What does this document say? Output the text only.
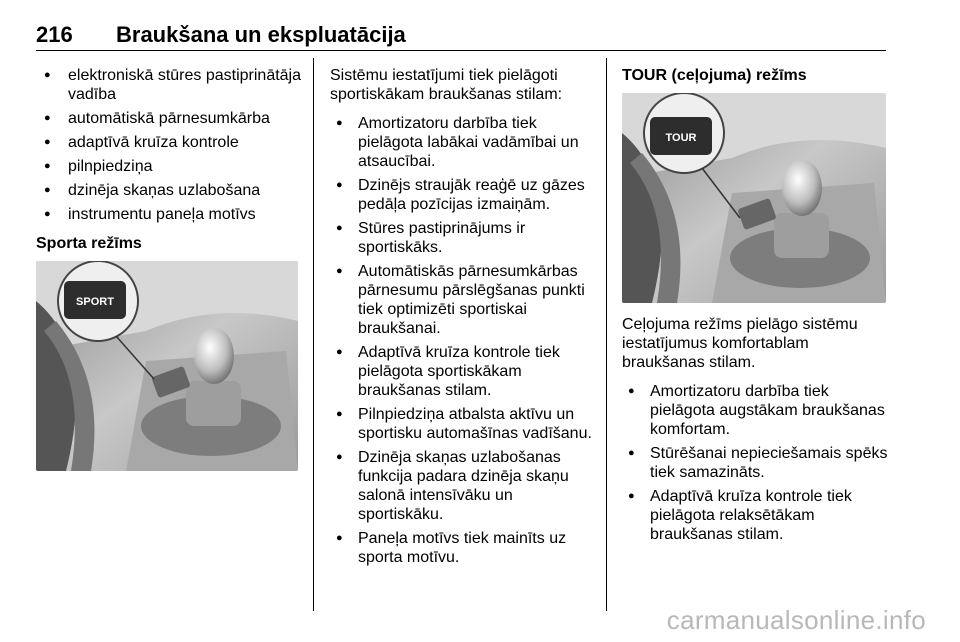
216 Braukšana un ekspluatācija
● elektroniskā stūres pastiprinātāja vadība
● automātiskā pārnesumkārba
● adaptīvā kruīza kontrole
● pilnpiedziņa
● dzinēja skaņas uzlabošana
● instrumentu paneļa motīvs
Sporta režīms
SPORT

Sistēmu iestatījumi tiek pielāgoti sportiskākam braukšanas stilam:

● Amortizatoru darbība tiek pielāgota labākai vadāmībai un atsaucībai.
● Dzinējs straujāk reaģē uz gāzes pedāļa pozīcijas izmaiņām.
● Stūres pastiprinājums ir sportiskāks.
● Automātiskās pārnesumkārbas pārnesumu pārslēgšanas punkti tiek optimizēti sportiskai braukšanai.
● Adaptīvā kruīza kontrole tiek pielāgota sportiskākam braukšanas stilam.
● Pilnpiedziņa atbalsta aktīvu un sportisku automašīnas vadīšanu.
● Dzinēja skaņas uzlabošanas funkcija padara dzinēja skaņu salonā intensīvāku un sportiskāku.
● Paneļa motīvs tiek mainīts uz sporta motīvu.
TOUR (ceļojuma) režīms
TOUR

Ceļojuma režīms pielāgo sistēmu iestatījumus komfortablam braukšanas stilam.

● Amortizatoru darbība tiek pielāgota augstākam braukšanas komfortam.
● Stūrēšanai nepieciešamais spēks tiek samazināts.
● Adaptīvā kruīza kontrole tiek pielāgota relaksētākam braukšanas stilam.
carmanualsonline.info
